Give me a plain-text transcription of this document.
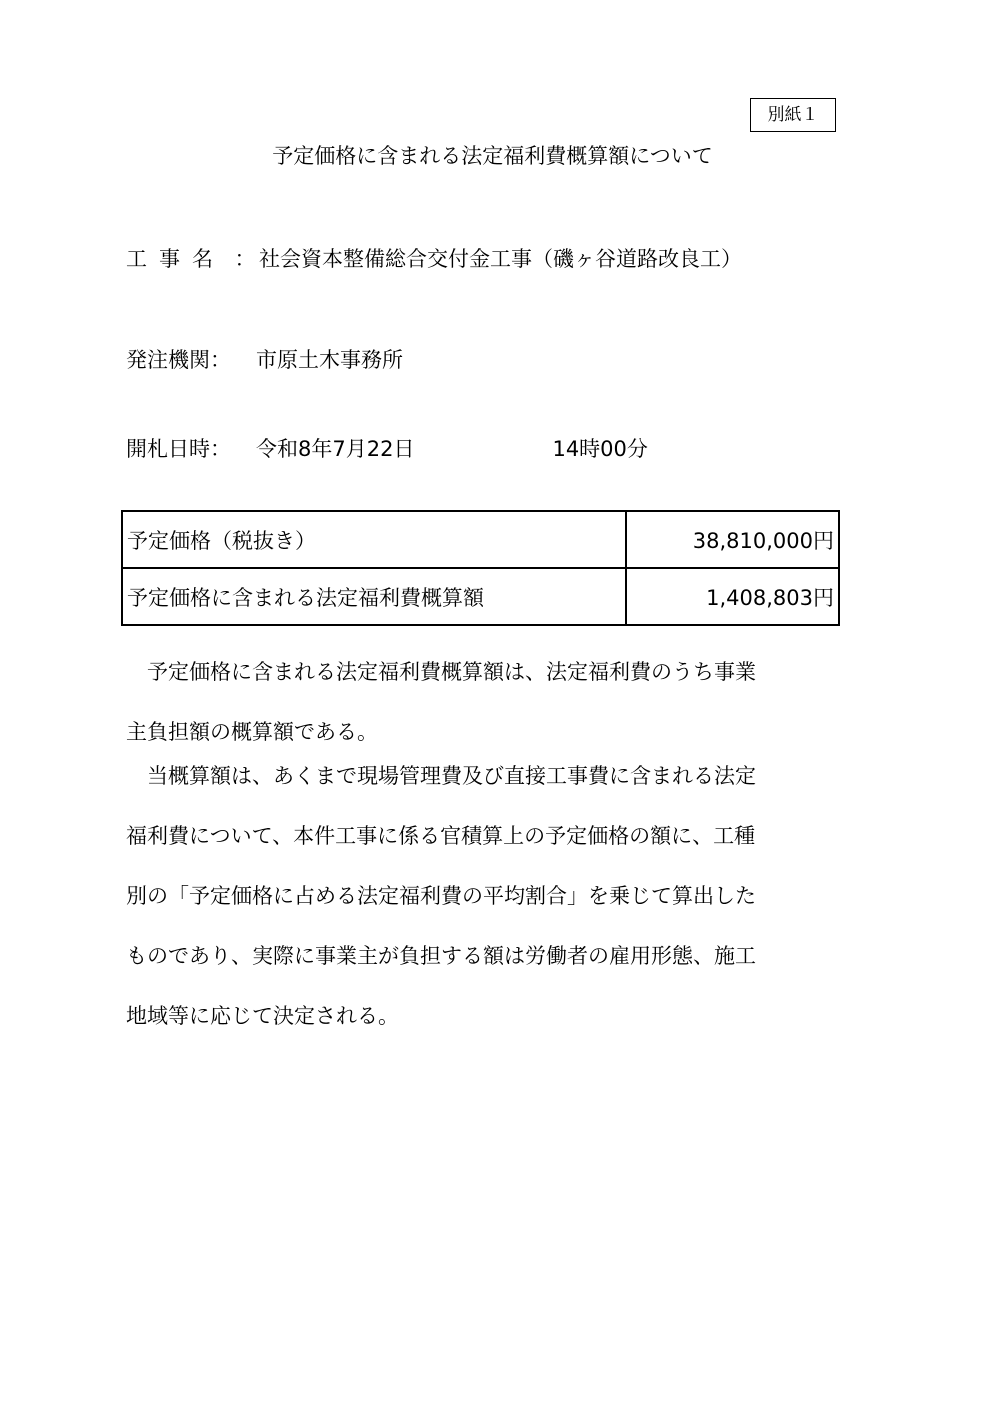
別紙１
予定価格に含まれる法定福利費概算額について
工事名 ： 社会資本整備総合交付金工事（磯ヶ谷道路改良工）
発注機関： 市原土木事務所
開札日時： 令和8年7月22日	14時00分
予定価格（税抜き）	38,810,000円
予定価格に含まれる法定福利費概算額	1,408,803円

予定価格に含まれる法定福利費概算額は、法定福利費のうち事業主負担額の概算額である。

当概算額は、あくまで現場管理費及び直接工事費に含まれる法定福利費について、本件工事に係る官積算上の予定価格の額に、工種別の「予定価格に占める法定福利費の平均割合」を乗じて算出したものであり、実際に事業主が負担する額は労働者の雇用形態、施工地域等に応じて決定される。
